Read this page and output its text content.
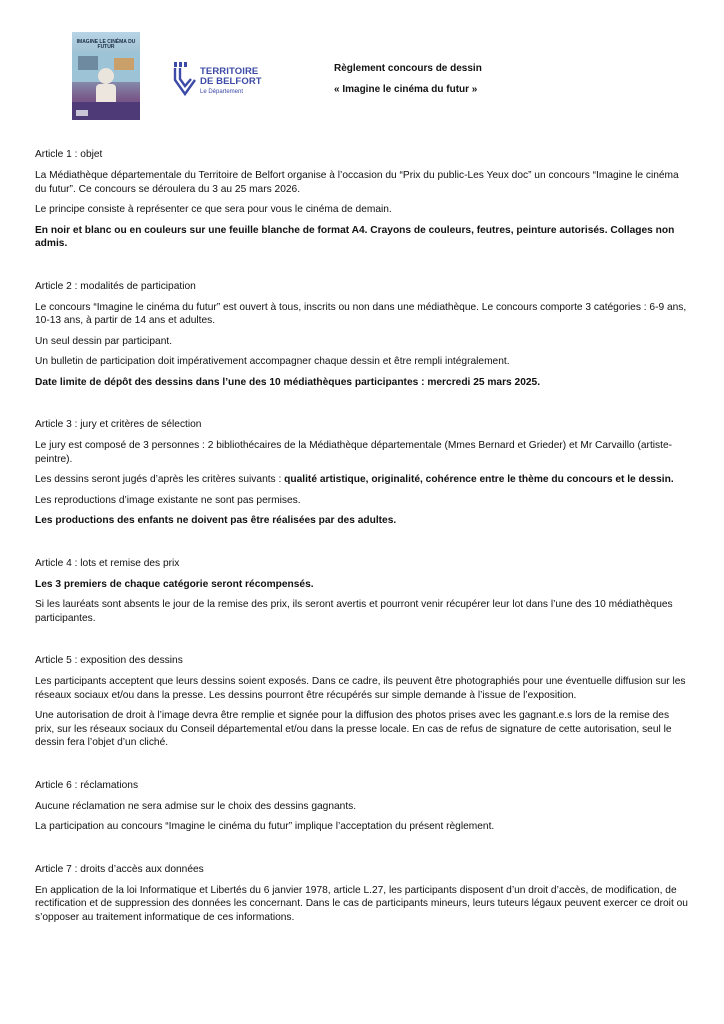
IMAGINE LE CINÉMA DU FUTUR
TERRITOIRE
DE BELFORT
Le Département
Règlement concours de dessin
« Imagine le cinéma du futur »
Article 1 : objet
La Médiathèque départementale du Territoire de Belfort organise à l’occasion du “Prix du public-Les Yeux doc” un concours “Imagine le cinéma du futur”. Ce concours se déroulera du 3 au 25 mars 2026.
Le principe consiste à représenter ce que sera pour vous le cinéma de demain.
En noir et blanc ou en couleurs sur une feuille blanche de format A4. Crayons de couleurs, feutres, peinture autorisés. Collages non admis.
Article 2 : modalités de participation
Le concours “Imagine le cinéma du futur” est ouvert à tous, inscrits ou non dans une médiathèque. Le concours comporte 3 catégories : 6-9 ans, 10-13 ans, à partir de 14 ans et adultes.
Un seul dessin par participant.
Un bulletin de participation doit impérativement accompagner chaque dessin et être rempli intégralement.
Date limite de dépôt des dessins dans l’une des 10 médiathèques participantes : mercredi 25 mars 2025.
Article 3 : jury et critères de sélection
Le jury est composé de 3 personnes : 2 bibliothécaires de la Médiathèque départementale (Mmes Bernard et Grieder) et Mr Carvaillo (artiste-peintre).
Les dessins seront jugés d’après les critères suivants : qualité artistique, originalité, cohérence entre le thème du concours et le dessin.
Les reproductions d’image existante ne sont pas permises.
Les productions des enfants ne doivent pas être réalisées par des adultes.
Article 4 : lots et remise des prix
Les 3 premiers de chaque catégorie seront récompensés.
Si les lauréats sont absents le jour de la remise des prix, ils seront avertis et pourront venir récupérer leur lot dans l’une des 10 médiathèques participantes.
Article 5 : exposition des dessins
Les participants acceptent que leurs dessins soient exposés. Dans ce cadre, ils peuvent être photographiés pour une éventuelle diffusion sur les réseaux sociaux et/ou dans la presse. Les dessins pourront être récupérés sur simple demande à l’issue de l’exposition.
Une autorisation de droit à l’image devra être remplie et signée pour la diffusion des photos prises avec les gagnant.e.s lors de la remise des prix, sur les réseaux sociaux du Conseil départemental et/ou dans la presse locale. En cas de refus de signature de cette autorisation, seul le dessin fera l’objet d’un cliché.
Article 6 : réclamations
Aucune réclamation ne sera admise sur le choix des dessins gagnants.
La participation au concours “Imagine le cinéma du futur” implique l’acceptation du présent règlement.
Article 7 : droits d’accès aux données
En application de la loi Informatique et Libertés du 6 janvier 1978, article L.27, les participants disposent d’un droit d’accès, de modification, de rectification et de suppression des données les concernant. Dans le cas de participants mineurs, leurs tuteurs légaux peuvent exercer ce droit ou s’opposer au traitement informatique de ces informations.
